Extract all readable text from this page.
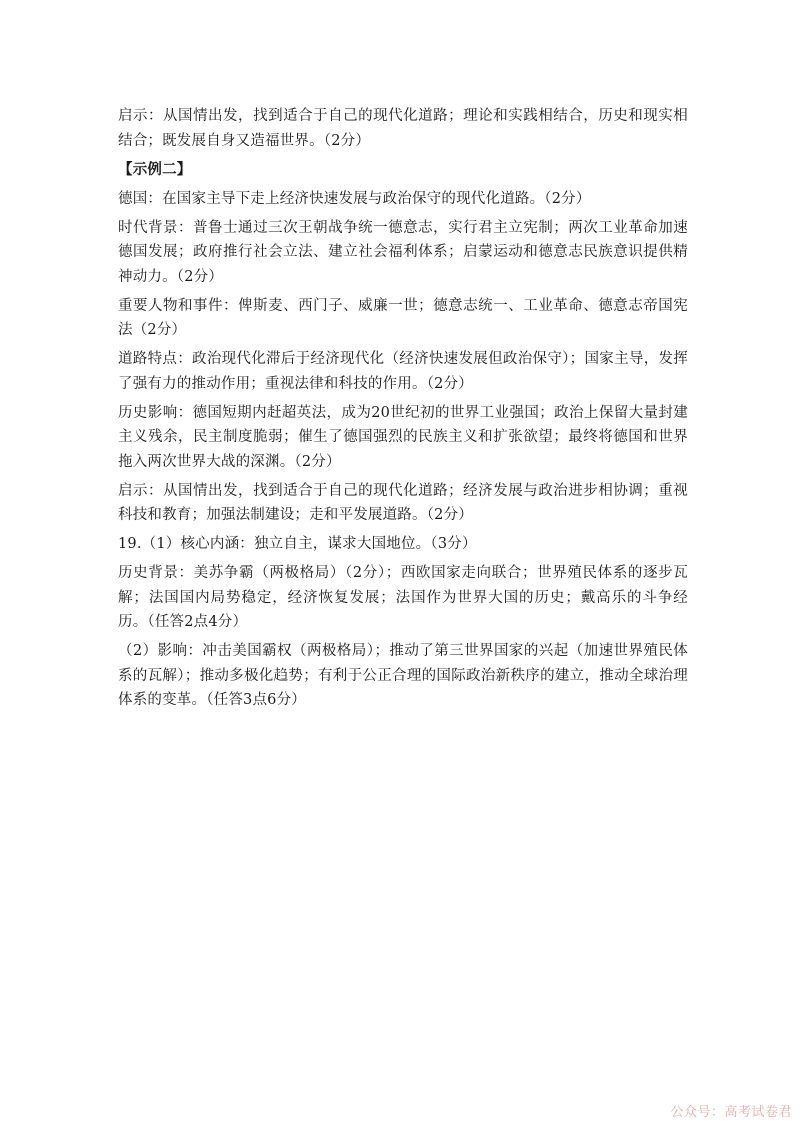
启示：从国情出发，找到适合于自己的现代化道路；理论和实践相结合，历史和现实相结合；既发展自身又造福世界。（2分）

【示例二】

德国：在国家主导下走上经济快速发展与政治保守的现代化道路。（2分）

时代背景：普鲁士通过三次王朝战争统一德意志，实行君主立宪制；两次工业革命加速德国发展；政府推行社会立法、建立社会福利体系；启蒙运动和德意志民族意识提供精神动力。（2分）

重要人物和事件：俾斯麦、西门子、威廉一世；德意志统一、工业革命、德意志帝国宪法（2分）

道路特点：政治现代化滞后于经济现代化（经济快速发展但政治保守）；国家主导，发挥了强有力的推动作用；重视法律和科技的作用。（2分）

历史影响：德国短期内赶超英法，成为20世纪初的世界工业强国；政治上保留大量封建主义残余，民主制度脆弱；催生了德国强烈的民族主义和扩张欲望；最终将德国和世界拖入两次世界大战的深渊。（2分）

启示：从国情出发，找到适合于自己的现代化道路；经济发展与政治进步相协调；重视科技和教育；加强法制建设；走和平发展道路。（2分）

19.（1）核心内涵：独立自主，谋求大国地位。（3分）

历史背景：美苏争霸（两极格局）（2分）；西欧国家走向联合；世界殖民体系的逐步瓦解；法国国内局势稳定，经济恢复发展；法国作为世界大国的历史；戴高乐的斗争经历。（任答2点4分）

（2）影响：冲击美国霸权（两极格局）；推动了第三世界国家的兴起（加速世界殖民体系的瓦解）；推动多极化趋势；有利于公正合理的国际政治新秩序的建立，推动全球治理体系的变革。（任答3点6分）

公众号：高考试卷君
